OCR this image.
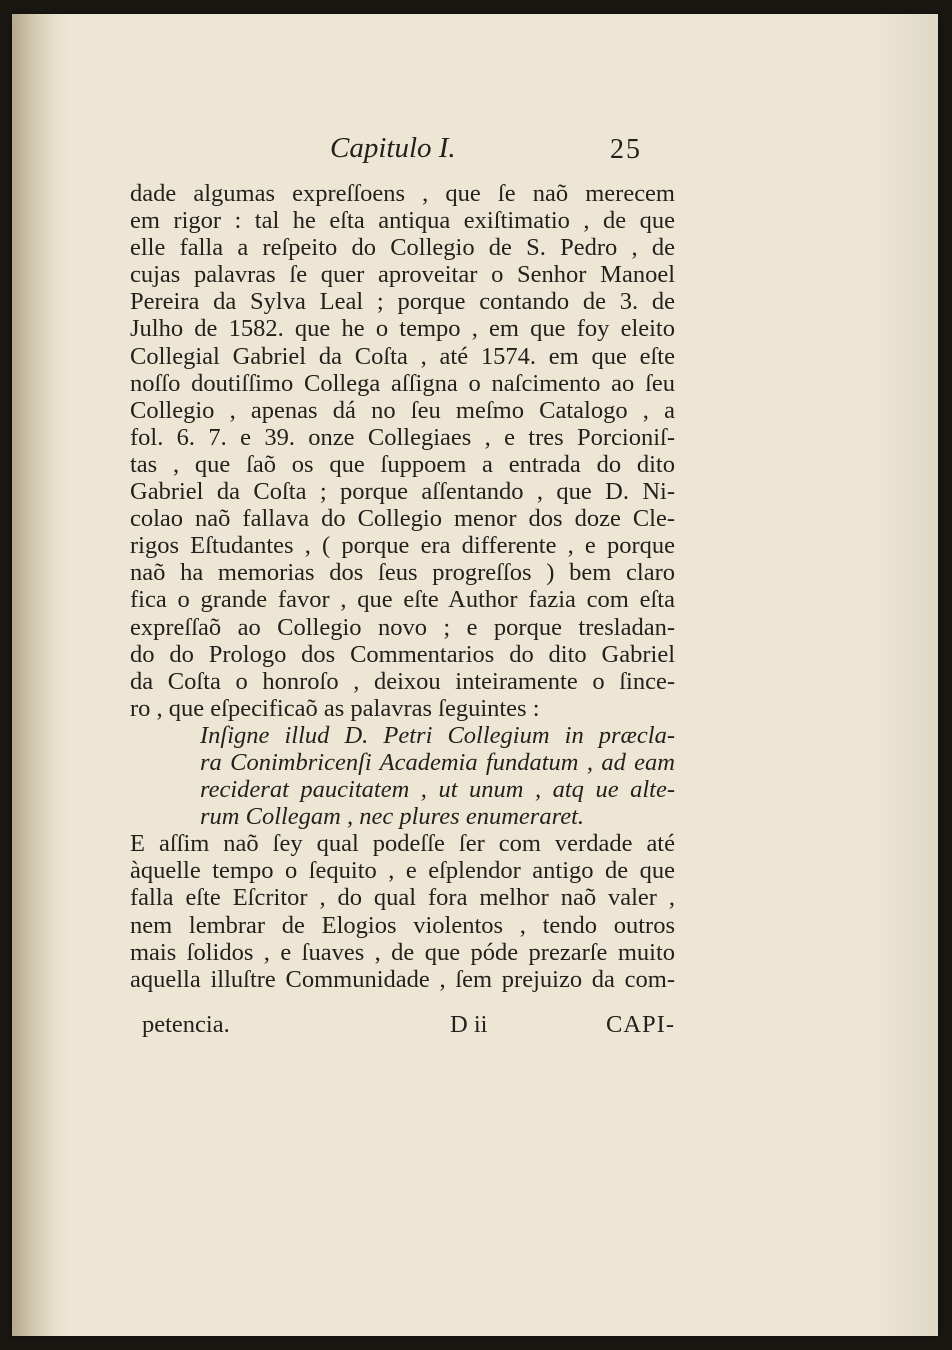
Capitulo I.	25
dade algumas expreſſoens , que ſe naõ merecem
em rigor : tal he eſta antiqua exiſtimatio , de que
elle falla a reſpeito do Collegio de S. Pedro , de
cujas palavras ſe quer aproveitar o Senhor Manoel
Pereira da Sylva Leal ; porque contando de 3. de
Julho de 1582. que he o tempo , em que foy eleito
Collegial Gabriel da Coſta , até 1574. em que eſte
noſſo doutiſſimo Collega aſſigna o naſcimento ao ſeu
Collegio , apenas dá no ſeu meſmo Catalogo , a
fol. 6. 7. e 39. onze Collegiaes , e tres Porcioniſ-
tas , que ſaõ os que ſuppoem a entrada do dito
Gabriel da Coſta ; porque aſſentando , que D. Ni-
colao naõ fallava do Collegio menor dos doze Cle-
rigos Eſtudantes , ( porque era differente , e porque
naõ ha memorias dos ſeus progreſſos ) bem claro
fica o grande favor , que eſte Author fazia com eſta
expreſſaõ ao Collegio novo ; e porque tresladan-
do do Prologo dos Commentarios do dito Gabriel
da Coſta o honroſo , deixou inteiramente o ſince-
ro , que eſpecificaõ as palavras ſeguintes :
Inſigne illud D. Petri Collegium in præcla-
ra Conimbricenſi Academia fundatum , ad eam
reciderat paucitatem , ut unum , atq ue alte-
rum Collegam , nec plures enumeraret.
E aſſim naõ ſey qual podeſſe ſer com verdade até
àquelle tempo o ſequito , e eſplendor antigo de que
falla eſte Eſcritor , do qual fora melhor naõ valer ,
nem lembrar de Elogios violentos , tendo outros
mais ſolidos , e ſuaves , de que póde prezarſe muito
aquella illuſtre Communidade , ſem prejuizo da com-
petencia.	D ii	CAPI-
